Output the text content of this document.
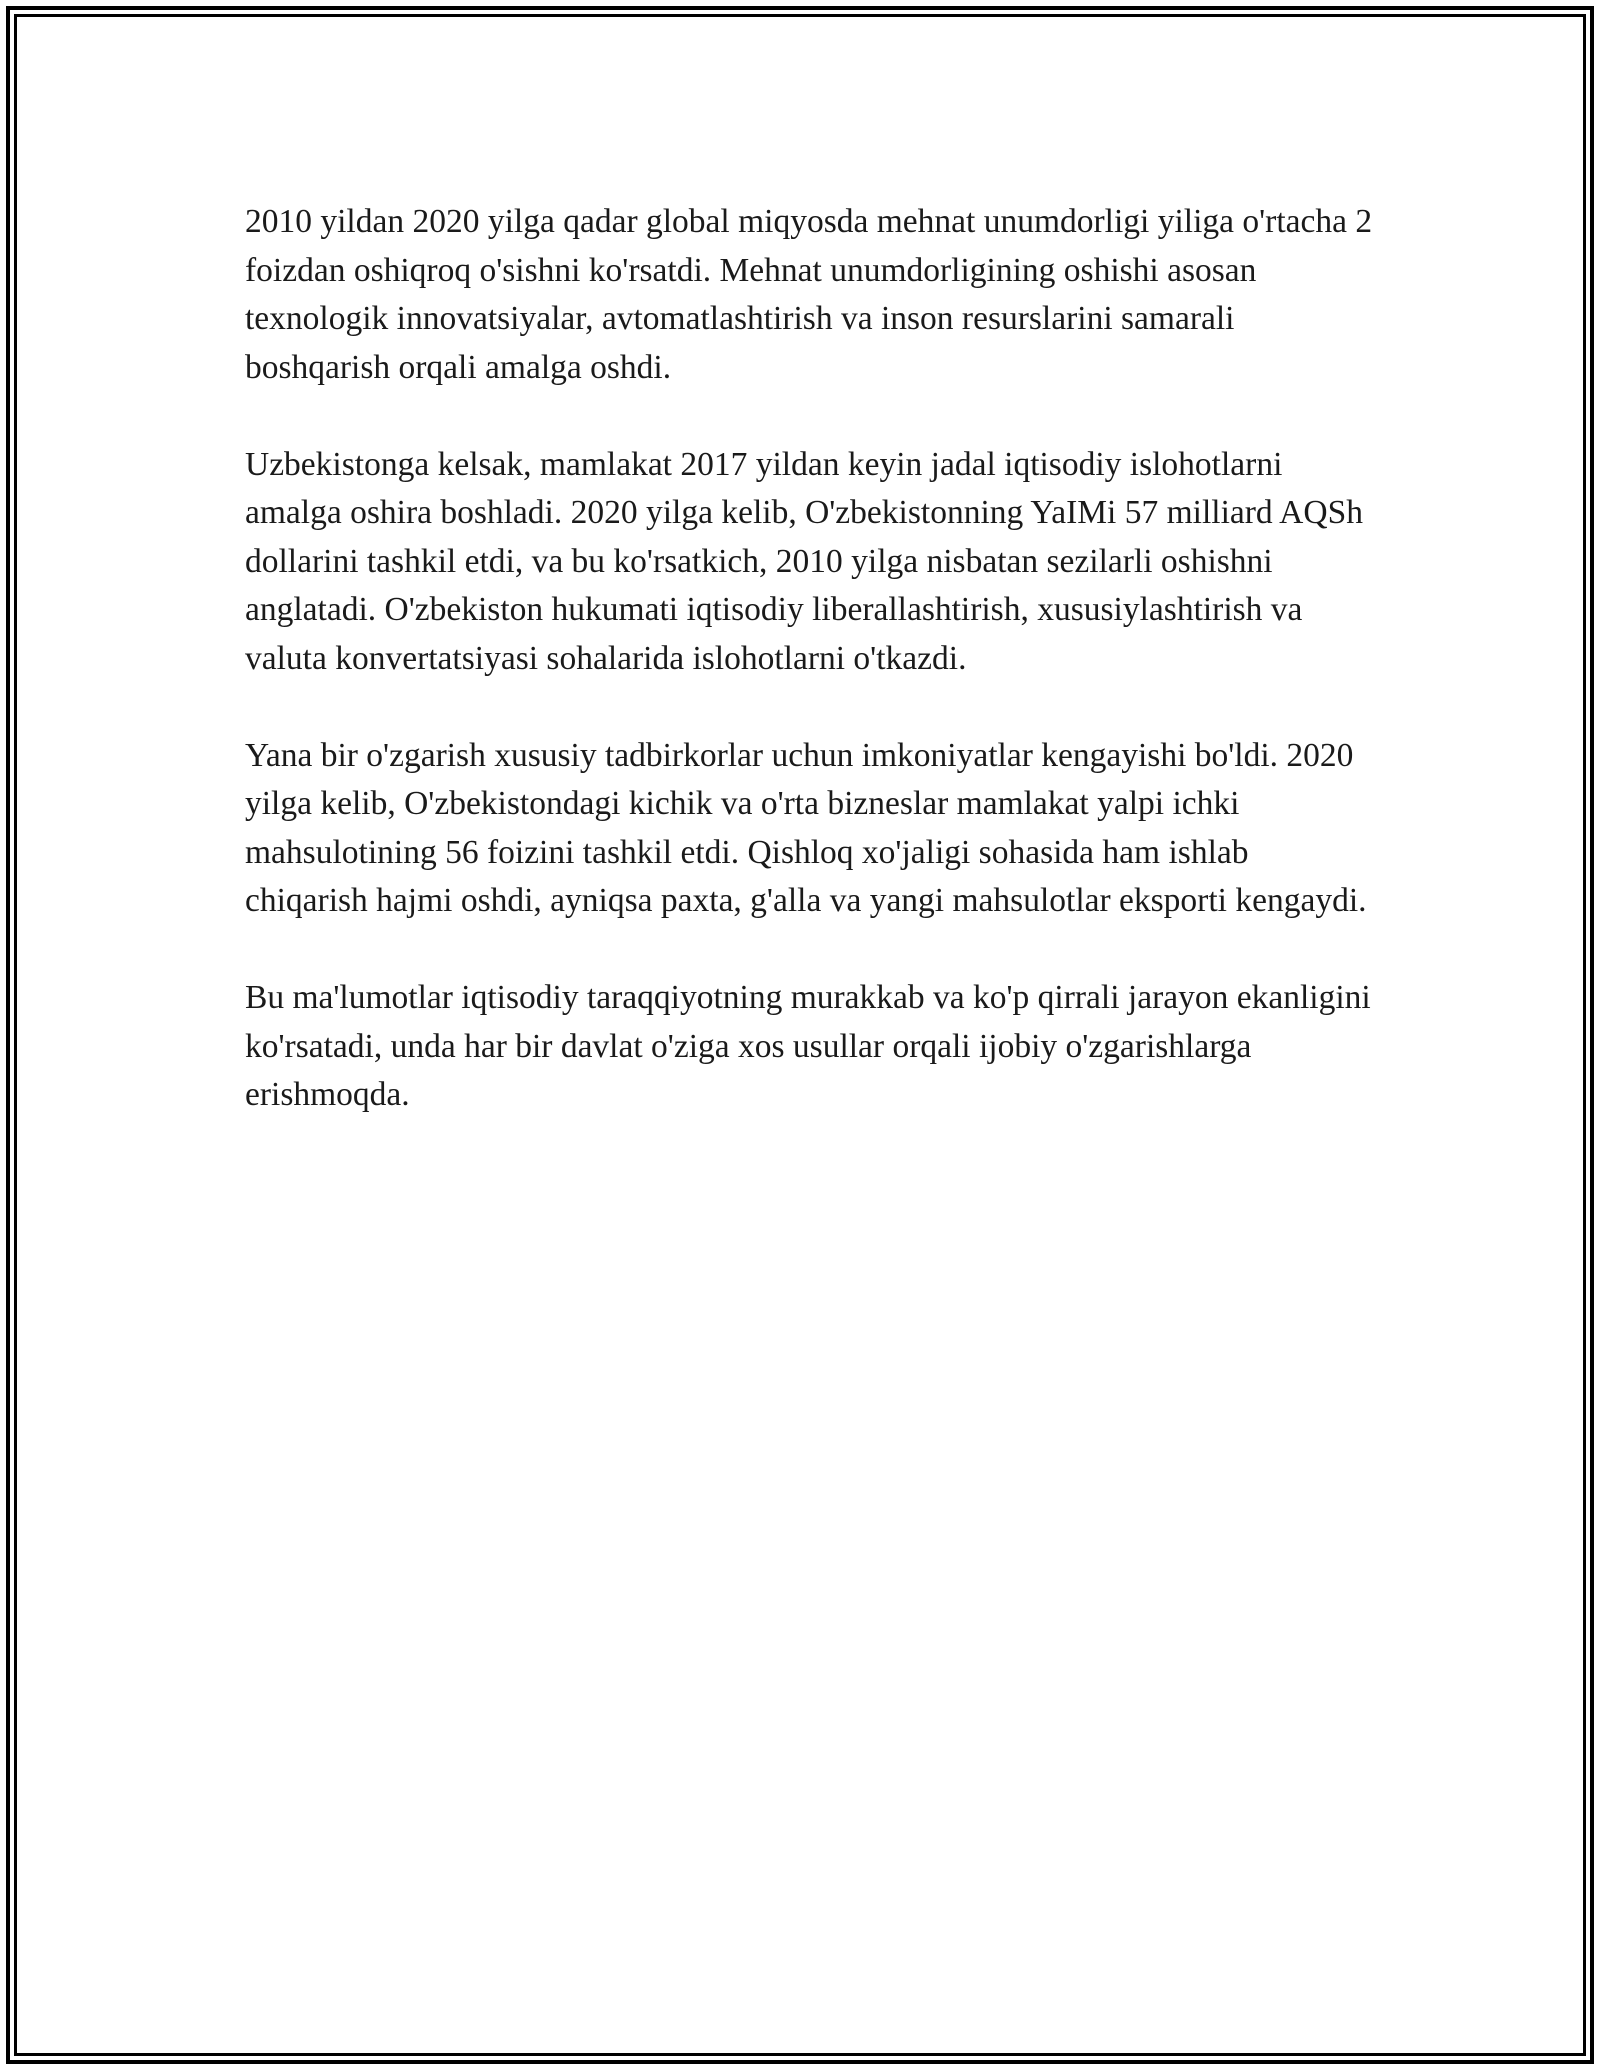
2010 yildan 2020 yilga qadar global miqyosda mehnat unumdorligi yiliga o'rtacha 2 foizdan oshiqroq o'sishni ko'rsatdi. Mehnat unumdorligining oshishi asosan texnologik innovatsiyalar, avtomatlashtirish va inson resurslarini samarali boshqarish orqali amalga oshdi.

Uzbekistonga kelsak, mamlakat 2017 yildan keyin jadal iqtisodiy islohotlarni amalga oshira boshladi. 2020 yilga kelib, O'zbekistonning YaIMi 57 milliard AQSh dollarini tashkil etdi, va bu ko'rsatkich, 2010 yilga nisbatan sezilarli oshishni anglatadi. O'zbekiston hukumati iqtisodiy liberallashtirish, xususiylashtirish va valuta konvertatsiyasi sohalarida islohotlarni o'tkazdi.

Yana bir o'zgarish xususiy tadbirkorlar uchun imkoniyatlar kengayishi bo'ldi. 2020 yilga kelib, O'zbekistondagi kichik va o'rta bizneslar mamlakat yalpi ichki mahsulotining 56 foizini tashkil etdi. Qishloq xo'jaligi sohasida ham ishlab chiqarish hajmi oshdi, ayniqsa paxta, g'alla va yangi mahsulotlar eksporti kengaydi.

Bu ma'lumotlar iqtisodiy taraqqiyotning murakkab va ko'p qirrali jarayon ekanligini ko'rsatadi, unda har bir davlat o'ziga xos usullar orqali ijobiy o'zgarishlarga erishmoqda.
